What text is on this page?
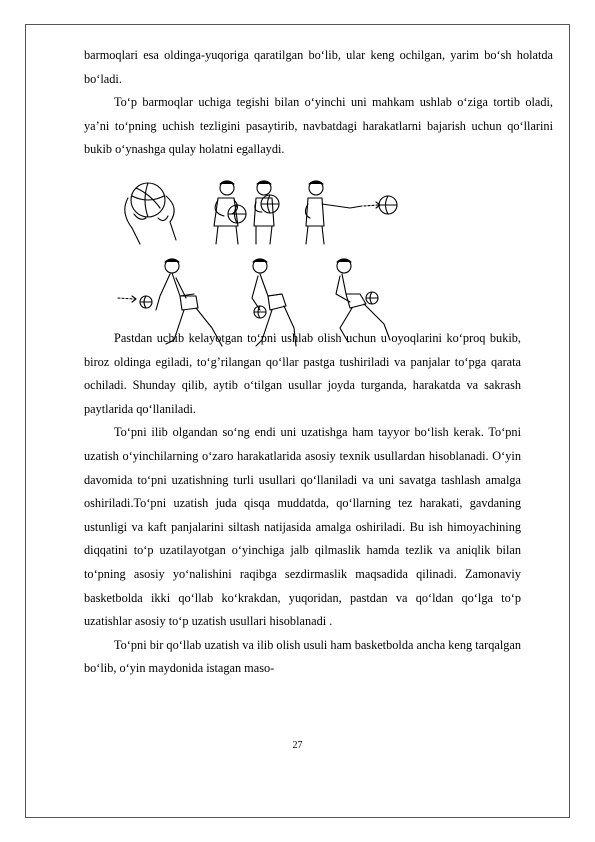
barmoqlari esa oldinga-yuqoriga qaratilgan bo‘lib, ular keng ochilgan, yarim bo‘sh holatda bo‘ladi.

To‘p barmoqlar uchiga tegishi bilan o‘yinchi uni mahkam ushlab o‘ziga tortib oladi, ya’ni to‘pning uchish tezligini pasaytirib, navbatdagi harakatlarni bajarish uchun qo‘llarini bukib o‘ynashga qulay holatni egallaydi.

Pastdan uchib kelayotgan to‘pni ushlab olish uchun u oyoqlarini ko‘proq bukib, biroz oldinga egiladi, to‘g’rilangan qo‘llar pastga tushiriladi va panjalar to‘pga qarata ochiladi. Shunday qilib, aytib o‘tilgan usullar joyda turganda, harakatda va sakrash paytlarida qo‘llaniladi.

To‘pni ilib olgandan so‘ng endi uni uzatishga ham tayyor bo‘lish kerak. To‘pni uzatish o‘yinchilarning o‘zaro harakatlarida asosiy texnik usullardan hisoblanadi. O‘yin davomida to‘pni uzatishning turli usullari qo‘llaniladi va uni savatga tashlash amalga oshiriladi.To‘pni uzatish juda qisqa muddatda, qo‘llarning tez harakati, gavdaning ustunligi va kaft panjalarini siltash natijasida amalga oshiriladi. Bu ish himoyachining diqqatini to‘p uzatilayotgan o‘yinchiga jalb qilmaslik hamda tezlik va aniqlik bilan to‘pning asosiy yo‘nalishini raqibga sezdirmaslik maqsadida qilinadi. Zamonaviy basketbolda ikki qo‘llab ko‘krakdan, yuqoridan, pastdan va qo‘ldan qo‘lga to‘p uzatishlar asosiy to‘p uzatish usullari hisoblanadi .

To‘pni bir qo‘llab uzatish va ilib olish usuli ham basketbolda ancha keng tarqalgan bo‘lib, o‘yin maydonida istagan maso-

27
